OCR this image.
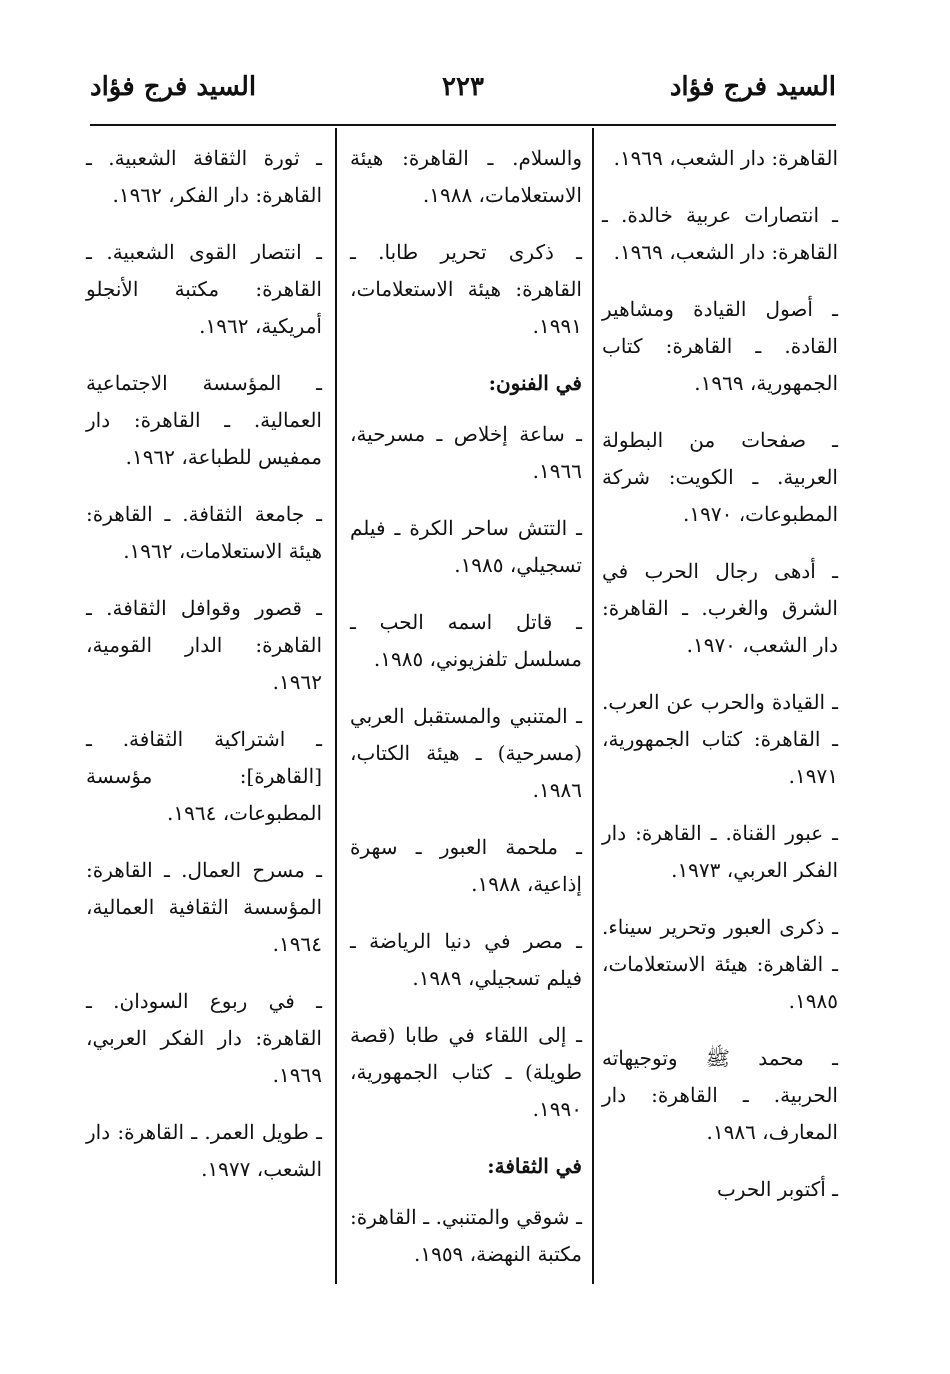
السيد فرج فؤاد
٢٢٣
السيد فرج فؤاد

القاهرة: دار الشعب، ١٩٦٩.

ـ انتصارات عربية خالدة. ـ القاهرة: دار الشعب، ١٩٦٩.

ـ أصول القيادة ومشاهير القادة. ـ القاهرة: كتاب الجمهورية، ١٩٦٩.

ـ صفحات من البطولة العربية. ـ الكويت: شركة المطبوعات، ١٩٧٠.

ـ أدهى رجال الحرب في الشرق والغرب. ـ القاهرة: دار الشعب، ١٩٧٠.

ـ القيادة والحرب عن العرب. ـ القاهرة: كتاب الجمهورية، ١٩٧١.

ـ عبور القناة. ـ القاهرة: دار الفكر العربي، ١٩٧٣.

ـ ذكرى العبور وتحرير سيناء. ـ القاهرة: هيئة الاستعلامات، ١٩٨٥.

ـ محمد ﷺ وتوجيهاته الحربية. ـ القاهرة: دار المعارف، ١٩٨٦.

ـ أكتوبر الحرب

والسلام. ـ القاهرة: هيئة الاستعلامات، ١٩٨٨.

ـ ذكرى تحرير طابا. ـ القاهرة: هيئة الاستعلامات، ١٩٩١.

في الفنون:

ـ ساعة إخلاص ـ مسرحية، ١٩٦٦.

ـ التتش ساحر الكرة ـ فيلم تسجيلي، ١٩٨٥.

ـ قاتل اسمه الحب ـ مسلسل تلفزيوني، ١٩٨٥.

ـ المتنبي والمستقبل العربي (مسرحية) ـ هيئة الكتاب، ١٩٨٦.

ـ ملحمة العبور ـ سهرة إذاعية، ١٩٨٨.

ـ مصر في دنيا الرياضة ـ فيلم تسجيلي، ١٩٨٩.

ـ إلى اللقاء في طابا (قصة طويلة) ـ كتاب الجمهورية، ١٩٩٠.

في الثقافة:

ـ شوقي والمتنبي. ـ القاهرة: مكتبة النهضة، ١٩٥٩.

ـ ثورة الثقافة الشعبية. ـ القاهرة: دار الفكر، ١٩٦٢.

ـ انتصار القوى الشعبية. ـ القاهرة: مكتبة الأنجلو أمريكية، ١٩٦٢.

ـ المؤسسة الاجتماعية العمالية. ـ القاهرة: دار ممفيس للطباعة، ١٩٦٢.

ـ جامعة الثقافة. ـ القاهرة: هيئة الاستعلامات، ١٩٦٢.

ـ قصور وقوافل الثقافة. ـ القاهرة: الدار القومية، ١٩٦٢.

ـ اشتراكية الثقافة. ـ [القاهرة]: مؤسسة المطبوعات، ١٩٦٤.

ـ مسرح العمال. ـ القاهرة: المؤسسة الثقافية العمالية، ١٩٦٤.

ـ في ربوع السودان. ـ القاهرة: دار الفكر العربي، ١٩٦٩.

ـ طويل العمر. ـ القاهرة: دار الشعب، ١٩٧٧.
